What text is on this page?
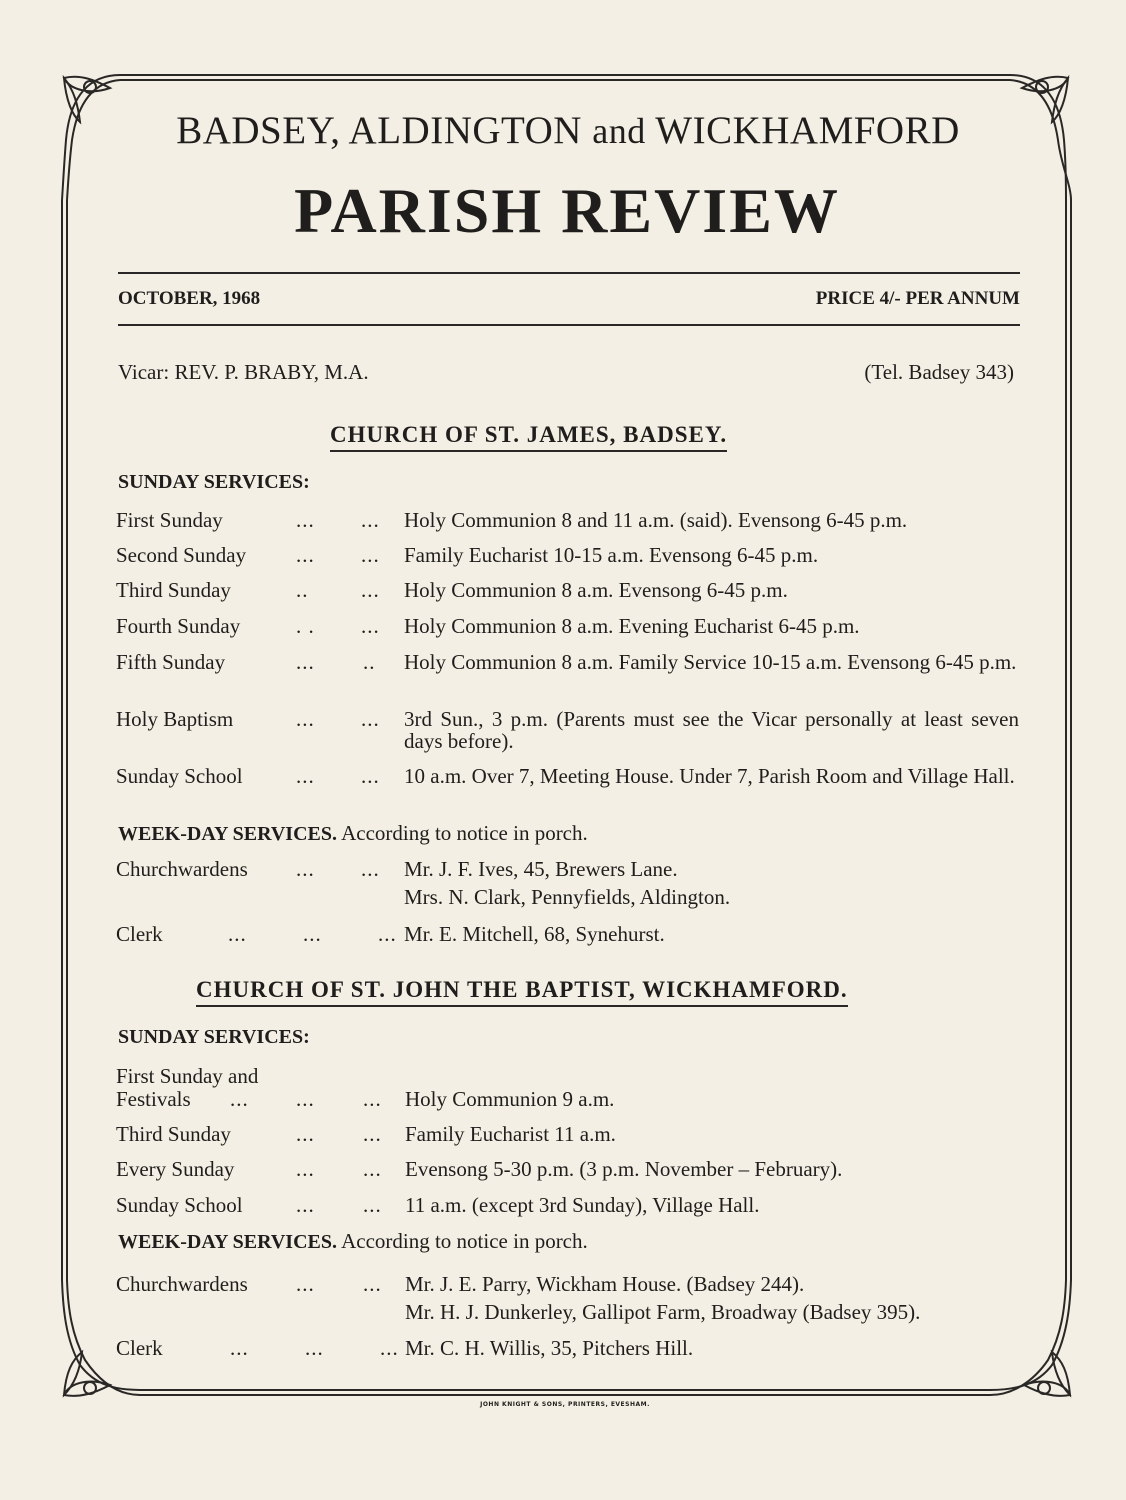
BADSEY, ALDINGTON and WICKHAMFORD
PARISH REVIEW
OCTOBER, 1968	PRICE 4/- PER ANNUM
Vicar: REV. P. BRABY, M.A.	(Tel. Badsey 343)
CHURCH OF ST. JAMES, BADSEY.
SUNDAY SERVICES:
First Sunday	... ... Holy Communion 8 and 11 a.m. (said). Evensong 6-45 p.m.
Second Sunday ... ... Family Eucharist 10-15 a.m. Evensong 6-45 p.m.
Third Sunday	..	... Holy Communion 8 a.m. Evensong 6-45 p.m.
Fourth Sunday	. . ... Holy Communion 8 a.m. Evening Eucharist 6-45 p.m.
Fifth Sunday	... .. Holy Communion 8 a.m. Family Service 10-15 a.m. Evensong 6-45 p.m.
Holy Baptism	... ... 3rd Sun., 3 p.m. (Parents must see the Vicar personally at least seven days before).
Sunday School	... ... 10 a.m. Over 7, Meeting House. Under 7, Parish Room and Village Hall.
WEEK-DAY SERVICES. According to notice in porch.
Churchwardens ... ... Mr. J. F. Ives, 45, Brewers Lane.
Mrs. N. Clark, Pennyfields, Aldington.
Clerk	...         ...         ... Mr. E. Mitchell, 68, Synehurst.
CHURCH OF ST. JOHN THE BAPTIST, WICKHAMFORD.
SUNDAY SERVICES:
First Sunday and
Festivals ... ... ... Holy Communion 9 a.m.
Third Sunday	... ... Family Eucharist 11 a.m.
Every Sunday	... ... Evensong 5-30 p.m. (3 p.m. November – February).
Sunday School	... ... 11 a.m. (except 3rd Sunday), Village Hall.
WEEK-DAY SERVICES. According to notice in porch.
Churchwardens ... ... Mr. J. E. Parry, Wickham House. (Badsey 244).
Mr. H. J. Dunkerley, Gallipot Farm, Broadway (Badsey 395).
Clerk	...         ...         ... Mr. C. H. Willis, 35, Pitchers Hill.
JOHN KNIGHT & SONS, PRINTERS, EVESHAM.
